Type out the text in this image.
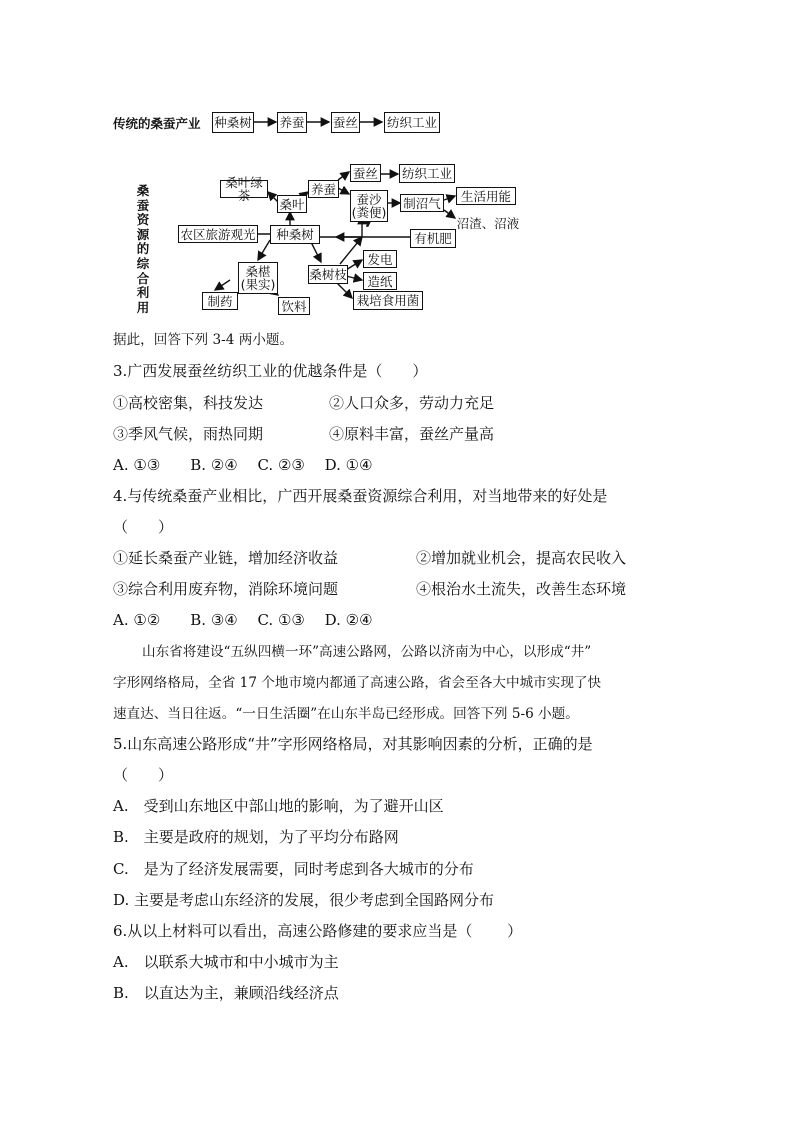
传统的桑蚕产业 种桑树 养蚕 蚕丝 纺织工业
桑蚕资源的综合利用
桑叶绿茶
桑叶
养蚕
蚕丝 纺织工业
蚕沙
(粪便)
制沼气	生活用能
沼渣、沼液
农区旅游观光	种桑树	有机肥
桑椹
(果实)
桑树枝
发电
造纸
制药	饮料	栽培食用菌
据此，回答下列 3-4 两小题。
3.广西发展蚕丝纺织工业的优越条件是（　　）
①高校密集，科技发达	②人口众多，劳动力充足
③季风气候，雨热同期	④原料丰富，蚕丝产量高
A. ①③　　B. ②④　 C. ②③　 D. ①④
4.与传统桑蚕产业相比，广西开展桑蚕资源综合利用，对当地带来的好处是
（　　）
①延长桑蚕产业链，增加经济收益	②增加就业机会，提高农民收入
③综合利用废弃物，消除环境问题	④根治水土流失，改善生态环境
A. ①②　　B. ③④　 C. ①③　 D. ②④
山东省将建设“五纵四横一环”高速公路网，公路以济南为中心，以形成“井”
字形网络格局，全省 17 个地市境内都通了高速公路，省会至各大中城市实现了快
速直达、当日往返。“一日生活圈”在山东半岛已经形成。回答下列 5-6 小题。
5.山东高速公路形成“井”字形网络格局，对其影响因素的分析，正确的是
（　　）
A.　受到山东地区中部山地的影响，为了避开山区
B.　主要是政府的规划，为了平均分布路网
C.　是为了经济发展需要，同时考虑到各大城市的分布
D. 主要是考虑山东经济的发展，很少考虑到全国路网分布
6.从以上材料可以看出，高速公路修建的要求应当是（　　 ）
A.　以联系大城市和中小城市为主
B.　以直达为主，兼顾沿线经济点
